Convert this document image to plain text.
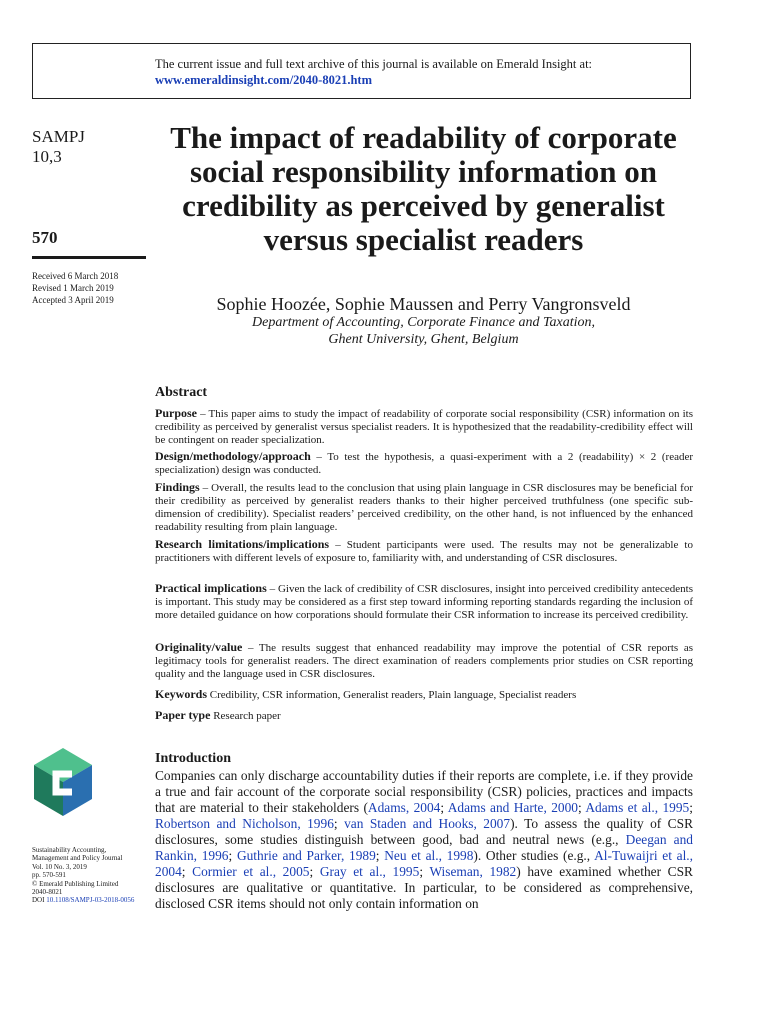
The current issue and full text archive of this journal is available on Emerald Insight at:
www.emeraldinsight.com/2040-8021.htm
SAMPJ
10,3
570
Received 6 March 2018
Revised 1 March 2019
Accepted 3 April 2019
The impact of readability of corporate social responsibility information on credibility as perceived by generalist versus specialist readers
Sophie Hoozée, Sophie Maussen and Perry Vangronsveld
Department of Accounting, Corporate Finance and Taxation,
Ghent University, Ghent, Belgium
Abstract

Purpose – This paper aims to study the impact of readability of corporate social responsibility (CSR) information on its credibility as perceived by generalist versus specialist readers. It is hypothesized that the readability-credibility effect will be contingent on reader specialization.

Design/methodology/approach – To test the hypothesis, a quasi-experiment with a 2 (readability) × 2 (reader specialization) design was conducted.

Findings – Overall, the results lead to the conclusion that using plain language in CSR disclosures may be beneficial for their credibility as perceived by generalist readers thanks to their higher perceived truthfulness (one specific sub-dimension of credibility). Specialist readers’ perceived credibility, on the other hand, is not influenced by the enhanced readability resulting from plain language.

Research limitations/implications – Student participants were used. The results may not be generalizable to practitioners with different levels of exposure to, familiarity with, and understanding of CSR disclosures.

Practical implications – Given the lack of credibility of CSR disclosures, insight into perceived credibility antecedents is important. This study may be considered as a first step toward informing reporting standards regarding the inclusion of more detailed guidance on how corporations should formulate their CSR information to increase its perceived credibility.

Originality/value – The results suggest that enhanced readability may improve the potential of CSR reports as legitimacy tools for generalist readers. The direct examination of readers complements prior studies on CSR reporting quality and the language used in CSR disclosures.

Keywords Credibility, CSR information, Generalist readers, Plain language, Specialist readers

Paper type Research paper

Sustainability Accounting,
Management and Policy Journal
Vol. 10 No. 3, 2019
pp. 570-591
© Emerald Publishing Limited
2040-8021
DOI 10.1108/SAMPJ-03-2018-0056
Introduction

Companies can only discharge accountability duties if their reports are complete, i.e. if they provide a true and fair account of the corporate social responsibility (CSR) policies, practices and impacts that are material to their stakeholders (Adams, 2004; Adams and Harte, 2000; Adams et al., 1995; Robertson and Nicholson, 1996; van Staden and Hooks, 2007). To assess the quality of CSR disclosures, some studies distinguish between good, bad and neutral news (e.g., Deegan and Rankin, 1996; Guthrie and Parker, 1989; Neu et al., 1998). Other studies (e.g., Al-Tuwaijri et al., 2004; Cormier et al., 2005; Gray et al., 1995; Wiseman, 1982) have examined whether CSR disclosures are qualitative or quantitative. In particular, to be considered as comprehensive, disclosed CSR items should not only contain information on
